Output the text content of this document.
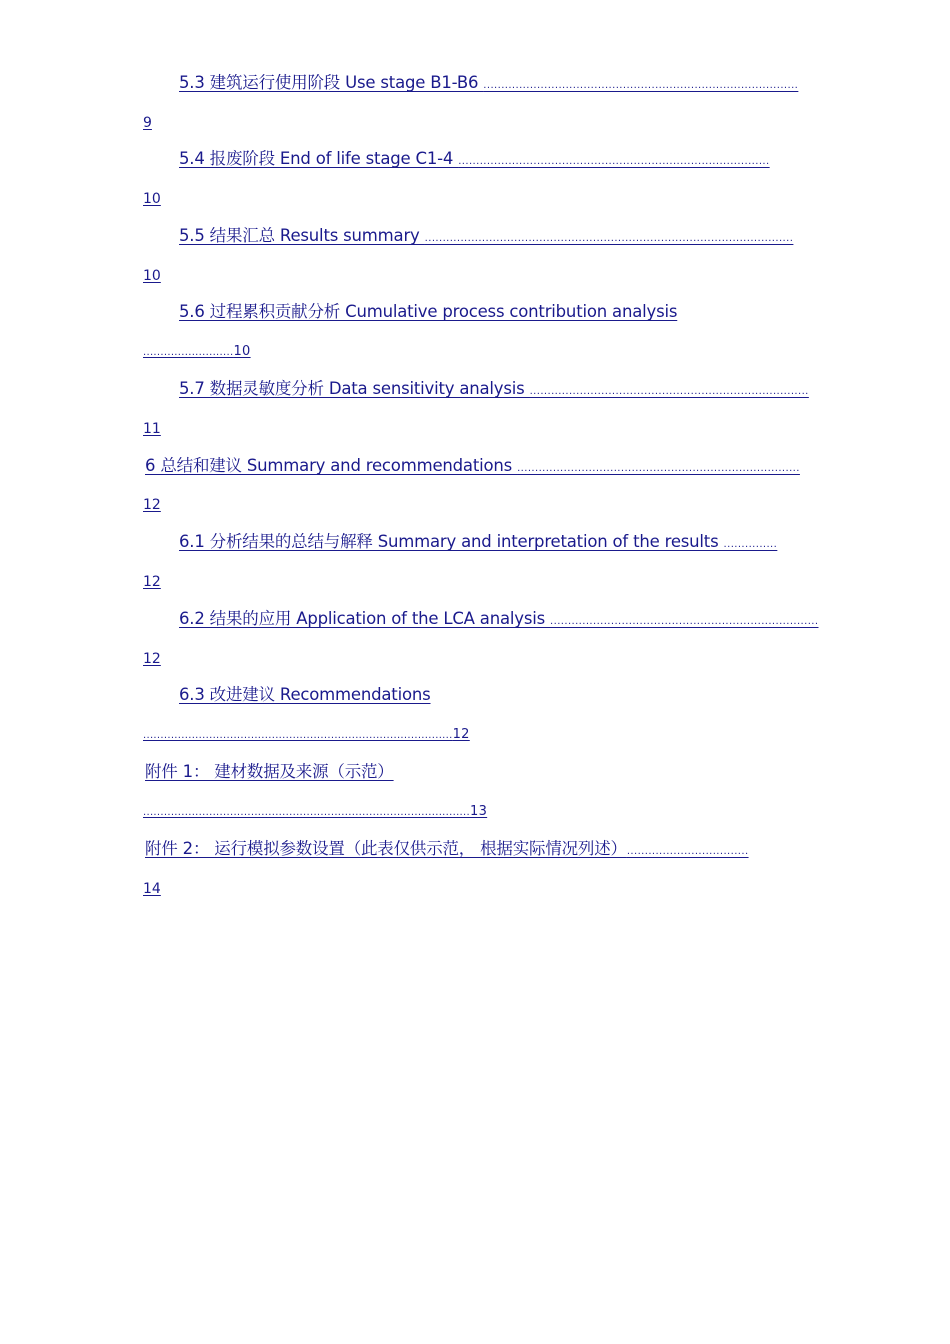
5.3 建筑运行使用阶段 Use stage B1-B6 ........................................................................................
9
5.4 报废阶段 End of life stage C1-4 .......................................................................................
10
5.5 结果汇总 Results summary .......................................................................................................
10
5.6 过程累积贡献分析 Cumulative process contribution analysis
..........................10
5.7 数据灵敏度分析 Data sensitivity analysis ..............................................................................
11
6 总结和建议 Summary and recommendations ...............................................................................
12
6.1 分析结果的总结与解释 Summary and interpretation of the results ...............
12
6.2 结果的应用 Application of the LCA analysis ...........................................................................
12
6.3 改进建议 Recommendations
.........................................................................................12
附件 1： 建材数据及来源（示范）
..............................................................................................13
附件 2： 运行模拟参数设置（此表仅供示范， 根据实际情况列述）..................................
14
